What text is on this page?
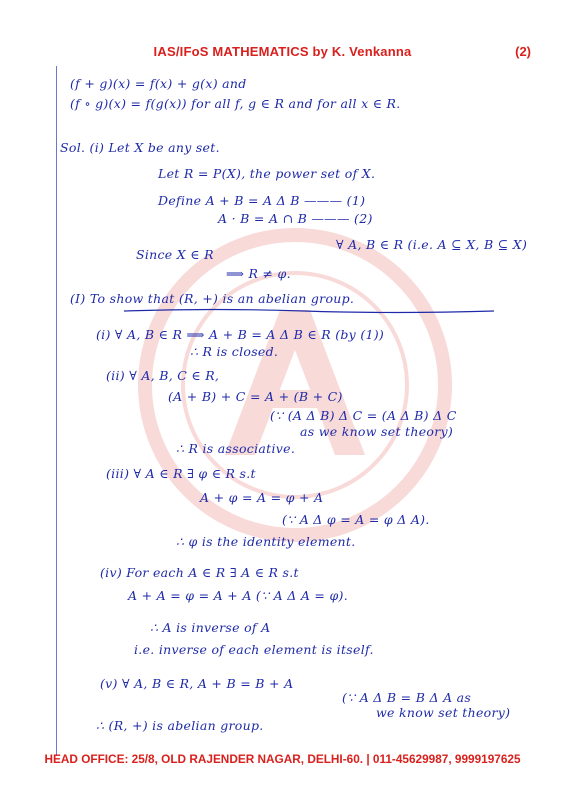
IAS/IFoS MATHEMATICS by K. Venkanna	(2)
(f + g)(x) = f(x) + g(x) and
(f ∘ g)(x) = f(g(x)) for all f, g ∈ R and for all x ∈ R.
Sol. (i) Let X be any set.
Let R = P(X), the power set of X.
Define A + B = A Δ B ——— (1)
A · B = A ∩ B ——— (2)
∀ A, B ∈ R (i.e. A ⊆ X, B ⊆ X)
Since X ∈ R
⟹ R ≠ φ.
(I) To show that (R, +) is an abelian group.
(i) ∀ A, B ∈ R ⟹ A + B = A Δ B ∈ R (by (1))
∴ R is closed.
(ii) ∀ A, B, C ∈ R,
(A + B) + C = A + (B + C)
(∵ (A Δ B) Δ C = (A Δ B) Δ C
as we know set theory)
∴ R is associative.
(iii) ∀ A ∈ R ∃ φ ∈ R s.t
A + φ = A = φ + A
(∵ A Δ φ = A = φ Δ A).
∴ φ is the identity element.
(iv) For each A ∈ R ∃ A ∈ R s.t
A + A = φ = A + A (∵ A Δ A = φ).
∴ A is inverse of A
i.e. inverse of each element is itself.
(v) ∀ A, B ∈ R, A + B = B + A
(∵ A Δ B = B Δ A as
we know set theory)
∴ (R, +) is abelian group.
HEAD OFFICE: 25/8, OLD RAJENDER NAGAR, DELHI-60. | 011-45629987, 9999197625
